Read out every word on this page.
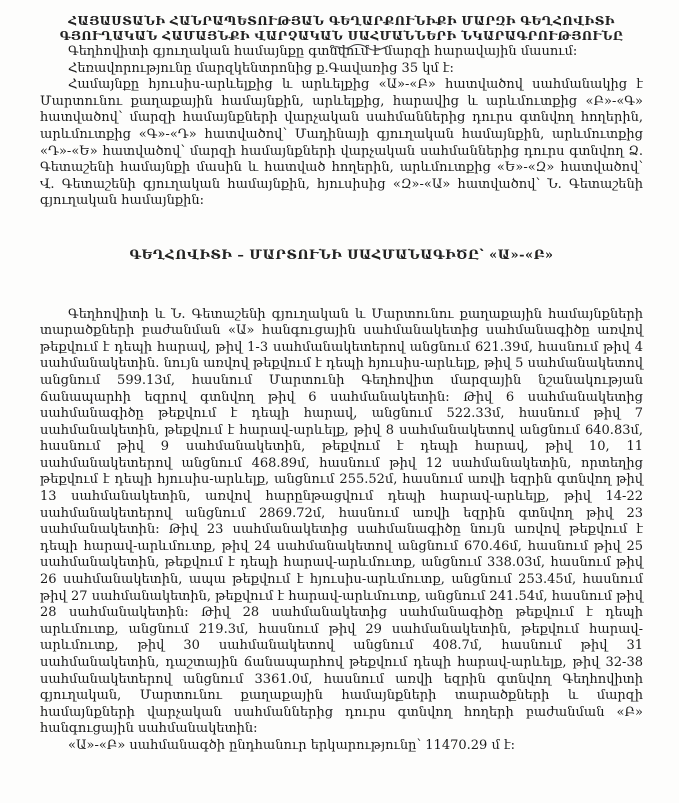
ՀԱՅԱՍՏԱՆԻ ՀԱՆՐԱՊԵՏՈՒԹՅԱՆ ԳԵՂԱՐՔՈՒՆԻՔԻ ՄԱՐԶԻ ԳԵՂՀՈՎԻՏԻ
ԳՅՈՒՂԱԿԱՆ ՀԱՄԱՅՆՔԻ ՎԱՐՉԱԿԱՆ ՍԱՀՄԱՆՆԵՐԻ ՆԿԱՐԱԳՐՈՒԹՅՈՒՆԸ

Գեղհովիտի գյուղական համայնքը գտնվում է մարզի հարավային մասում:

Հեռավորությունը մարզկենտրոնից ք.Գավառից 35 կմ է:

Համայնքը հյուսիս-արևելքից և արևելքից «Ա»-«Բ» հատվածով սահմանակից է Մարտունու քաղաքային համայնքին, արևելքից, հարավից և արևմուտքից «Բ»-«Գ» հատվածով՝ մարզի համայնքների վարչական սահմաններից դուրս գտնվող հողերին, արևմուտքից «Գ»-«Դ» հատվածով՝ Մադինայի գյուղական համայնքին, արևմուտքից «Դ»-«Ե» հատվածով՝ մարզի համայնքների վարչական սահմաններից դուրս գտնվող Ձ. Գետաշենի համայնքի մասին և հատված հողերին, արևմուտքից «Ե»-«Զ» հատվածով՝ Վ. Գետաշենի գյուղական համայնքին, հյուսիսից «Զ»-«Ա» հատվածով՝ Ն. Գետաշենի գյուղական համայնքին:

ԳԵՂՀՈՎԻՏԻ – ՄԱՐՏՈՒՆԻ ՍԱՀՄԱՆԱԳԻԾԸ՝ «Ա»-«Բ»

Գեղհովիտի և Ն. Գետաշենի գյուղական և Մարտունու քաղաքային համայնքների տարածքների բաժանման «Ա» հանգուցային սահմանակետից սահմանագիծը առվով թեքվում է դեպի հարավ, թիվ 1-3 սահմանակետերով անցնում 621.39մ, հասնում թիվ 4 սահմանակետին. նույն առվով թեքվում է դեպի հյուսիս-արևելք, թիվ 5 սահմանակետով անցնում 599.13մ, հասնում Մարտունի Գեղհովիտ մարզային նշանակության ճանապարհի եզրով գտնվող թիվ 6 սահմանակետին: Թիվ 6 սահմանակետից սահմանագիծը թեքվում է դեպի հարավ, անցնում 522.33մ, հասնում թիվ 7 սահմանակետին, թեքվում է հարավ-արևելք, թիվ 8 սահմանակետով անցնում 640.83մ, հասնում թիվ 9 սահմանակետին, թեքվում է դեպի հարավ, թիվ 10, 11 սահմանակետերով անցնում 468.89մ, հասնում թիվ 12 սահմանակետին, որտեղից թեքվում է դեպի հյուսիս-արևելք, անցնում 255.52մ, հասնում առվի եզրին գտնվող թիվ 13 սահմանակետին, առվով հարընթացվում դեպի հարավ-արևելք, թիվ 14-22 սահմանակետերով անցնում 2869.72մ, հասնում առվի եզրին գտնվող թիվ 23 սահմանակետին: Թիվ 23 սահմանակետից սահմանագիծը նույն առվով թեքվում է դեպի հարավ-արևմուտք, թիվ 24 սահմանակետով անցնում 670.46մ, հասնում թիվ 25 սահմանակետին, թեքվում է դեպի հարավ-արևմուտք, անցնում 338.03մ, հասնում թիվ 26 սահմանակետին, ապա թեքվում է հյուսիս-արևմուտք, անցնում 253.45մ, հասնում թիվ 27 սահմանակետին, թեքվում է հարավ-արևմուտք, անցնում 241.54մ, հասնում թիվ 28 սահմանակետին: Թիվ 28 սահմանակետից սահմանագիծը թեքվում է դեպի արևմուտք, անցնում 219.3մ, հասնում թիվ 29 սահմանակետին, թեքվում հարավ-արևմուտք, թիվ 30 սահմանակետով անցնում 408.7մ, հասնում թիվ 31 սահմանակետին, դաշտային ճանապարհով թեքվում դեպի հարավ-արևելք, թիվ 32-38 սահմանակետերով անցնում 3361.0մ, հասնում առվի եզրին գտնվող Գեղհովիտի գյուղական, Մարտունու քաղաքային համայնքների տարածքների և մարզի համայնքների վարչական սահմաններից դուրս գտնվող հողերի բաժանման «Բ» հանգուցային սահմանակետին:

«Ա»-«Բ» սահմանագծի ընդհանուր երկարությունը՝ 11470.29 մ է:
